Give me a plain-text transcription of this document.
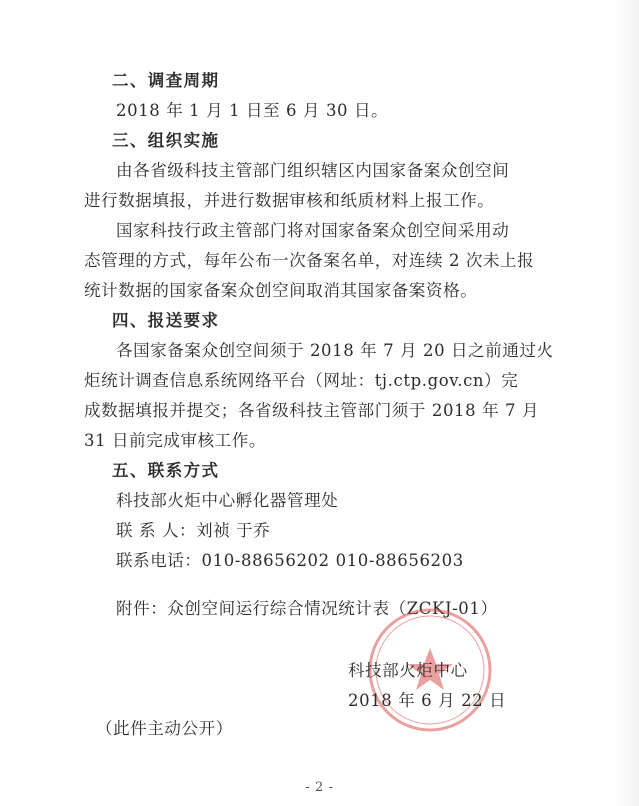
二、调查周期
2018 年 1 月 1 日至 6 月 30 日。
三、组织实施
由各省级科技主管部门组织辖区内国家备案众创空间
进行数据填报，并进行数据审核和纸质材料上报工作。
国家科技行政主管部门将对国家备案众创空间采用动
态管理的方式，每年公布一次备案名单，对连续 2 次未上报
统计数据的国家备案众创空间取消其国家备案资格。
四、报送要求
各国家备案众创空间须于 2018 年 7 月 20 日之前通过火
炬统计调查信息系统网络平台（网址：tj.ctp.gov.cn）完
成数据填报并提交；各省级科技主管部门须于 2018 年 7 月
31 日前完成审核工作。
五、联系方式
科技部火炬中心孵化器管理处
联 系 人：刘祯 于乔
联系电话：010-88656202 010-88656203
附件：众创空间运行综合情况统计表（ZCKJ-01）
科技部火炬中心
2018 年 6 月 22 日
（此件主动公开）
- 2 -
